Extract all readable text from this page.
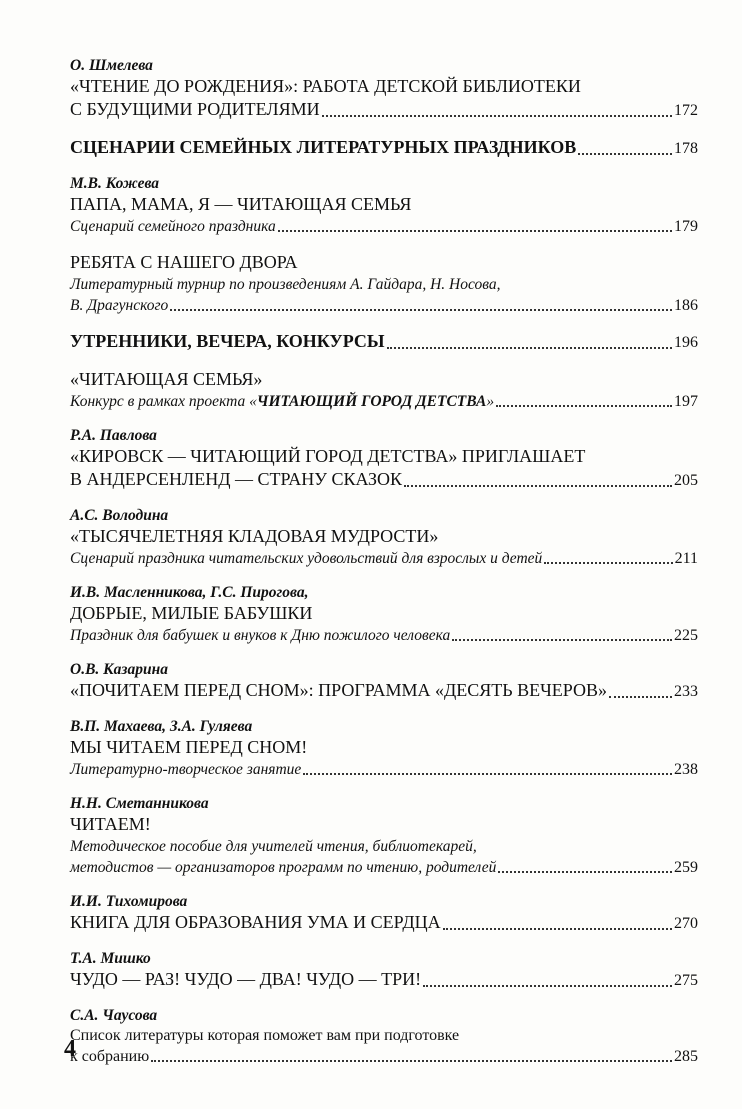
О. Шмелева
«ЧТЕНИЕ ДО РОЖДЕНИЯ»: РАБОТА ДЕТСКОЙ БИБЛИОТЕКИ
С БУДУЩИМИ РОДИТЕЛЯМИ	172
СЦЕНАРИИ СЕМЕЙНЫХ ЛИТЕРАТУРНЫХ ПРАЗДНИКОВ	178
М.В. Кожева
ПАПА, МАМА, Я — ЧИТАЮЩАЯ СЕМЬЯ
Сценарий семейного праздника	179
РЕБЯТА С НАШЕГО ДВОРА
Литературный турнир по произведениям А. Гайдара, Н. Носова,
В. Драгунского	186
УТРЕННИКИ, ВЕЧЕРА, КОНКУРСЫ	196
«ЧИТАЮЩАЯ СЕМЬЯ»
Конкурс в рамках проекта «ЧИТАЮЩИЙ ГОРОД ДЕТСТВА»	197
Р.А. Павлова
«КИРОВСК — ЧИТАЮЩИЙ ГОРОД ДЕТСТВА» ПРИГЛАШАЕТ
В АНДЕРСЕНЛЕНД — СТРАНУ СКАЗОК	205
А.С. Володина
«ТЫСЯЧЕЛЕТНЯЯ КЛАДОВАЯ МУДРОСТИ»
Сценарий праздника читательских удовольствий для взрослых и детей	211
И.В. Масленникова, Г.С. Пирогова,
ДОБРЫЕ, МИЛЫЕ БАБУШКИ
Праздник для бабушек и внуков к Дню пожилого человека	225
О.В. Казарина
«ПОЧИТАЕМ ПЕРЕД СНОМ»: ПРОГРАММА «ДЕСЯТЬ ВЕЧЕРОВ»	233
В.П. Махаева, З.А. Гуляева
МЫ ЧИТАЕМ ПЕРЕД СНОМ!
Литературно-творческое занятие	238
Н.Н. Сметанникова
ЧИТАЕМ!
Методическое пособие для учителей чтения, библиотекарей,
методистов — организаторов программ по чтению, родителей	259
И.И. Тихомирова
КНИГА ДЛЯ ОБРАЗОВАНИЯ УМА И СЕРДЦА	270
Т.А. Мишко
ЧУДО — РАЗ! ЧУДО — ДВА! ЧУДО — ТРИ!	275
С.А. Чаусова
Список литературы которая поможет вам при подготовке
к собранию	285
4
